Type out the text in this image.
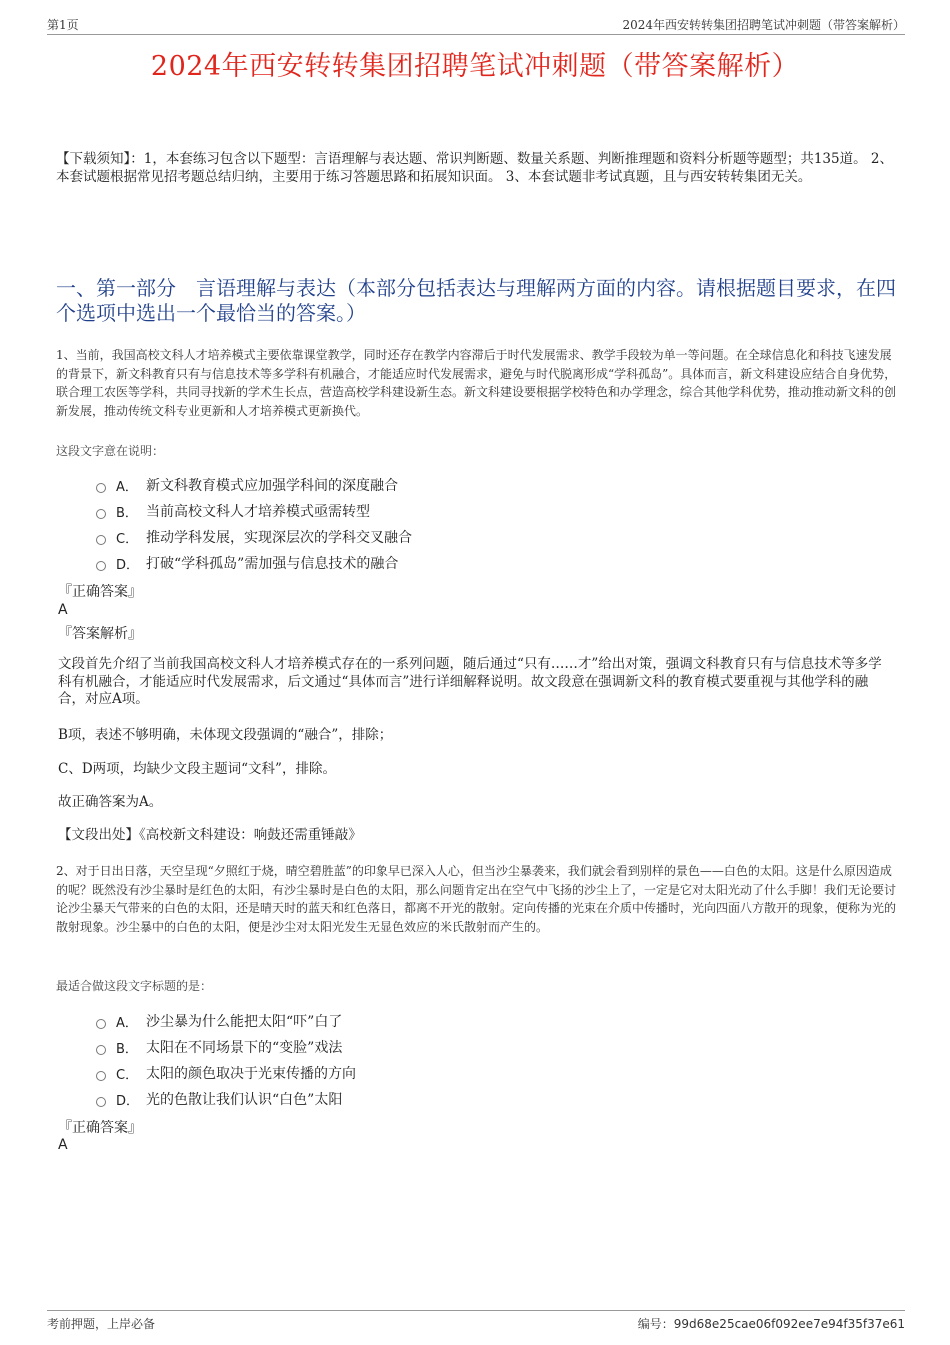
第1页	2024年西安转转集团招聘笔试冲刺题（带答案解析）
2024年西安转转集团招聘笔试冲刺题（带答案解析）
【下载须知】：1，本套练习包含以下题型：言语理解与表达题、常识判断题、数量关系题、判断推理题和资料分析题等题型；共135道。 2、本套试题根据常见招考题总结归纳，主要用于练习答题思路和拓展知识面。 3、本套试题非考试真题，且与西安转转集团无关。
一、第一部分　言语理解与表达（本部分包括表达与理解两方面的内容。请根据题目要求，在四个选项中选出一个最恰当的答案。）
1、当前，我国高校文科人才培养模式主要依靠课堂教学，同时还存在教学内容滞后于时代发展需求、教学手段较为单一等问题。在全球信息化和科技飞速发展的背景下，新文科教育只有与信息技术等多学科有机融合，才能适应时代发展需求，避免与时代脱离形成“学科孤岛”。具体而言，新文科建设应结合自身优势，联合理工农医等学科，共同寻找新的学术生长点，营造高校学科建设新生态。新文科建设要根据学校特色和办学理念，综合其他学科优势，推动推动新文科的创新发展，推动传统文科专业更新和人才培养模式更新换代。
这段文字意在说明：
A． 新文科教育模式应加强学科间的深度融合
B． 当前高校文科人才培养模式亟需转型
C． 推动学科发展，实现深层次的学科交叉融合
D． 打破“学科孤岛”需加强与信息技术的融合
『正确答案』
A
『答案解析』
文段首先介绍了当前我国高校文科人才培养模式存在的一系列问题，随后通过“只有……才”给出对策，强调文科教育只有与信息技术等多学科有机融合，才能适应时代发展需求，后文通过“具体而言”进行详细解释说明。故文段意在强调新文科的教育模式要重视与其他学科的融合，对应A项。
B项，表述不够明确，未体现文段强调的“融合”，排除；
C、D两项，均缺少文段主题词“文科”，排除。
故正确答案为A。
【文段出处】《高校新文科建设：响鼓还需重锤敲》
2、对于日出日落，天空呈现“夕照红于烧，晴空碧胜蓝”的印象早已深入人心，但当沙尘暴袭来，我们就会看到别样的景色——白色的太阳。这是什么原因造成的呢？既然没有沙尘暴时是红色的太阳，有沙尘暴时是白色的太阳，那么问题肯定出在空气中飞扬的沙尘上了，一定是它对太阳光动了什么手脚！我们无论要讨论沙尘暴天气带来的白色的太阳，还是晴天时的蓝天和红色落日，都离不开光的散射。定向传播的光束在介质中传播时，光向四面八方散开的现象，便称为光的散射现象。沙尘暴中的白色的太阳，便是沙尘对太阳光发生无显色效应的米氏散射而产生的。
最适合做这段文字标题的是：
A． 沙尘暴为什么能把太阳“吓”白了
B． 太阳在不同场景下的“变脸”戏法
C． 太阳的颜色取决于光束传播的方向
D． 光的色散让我们认识“白色”太阳
『正确答案』
A
考前押题，上岸必备	编号：99d68e25cae06f092ee7e94f35f37e61
